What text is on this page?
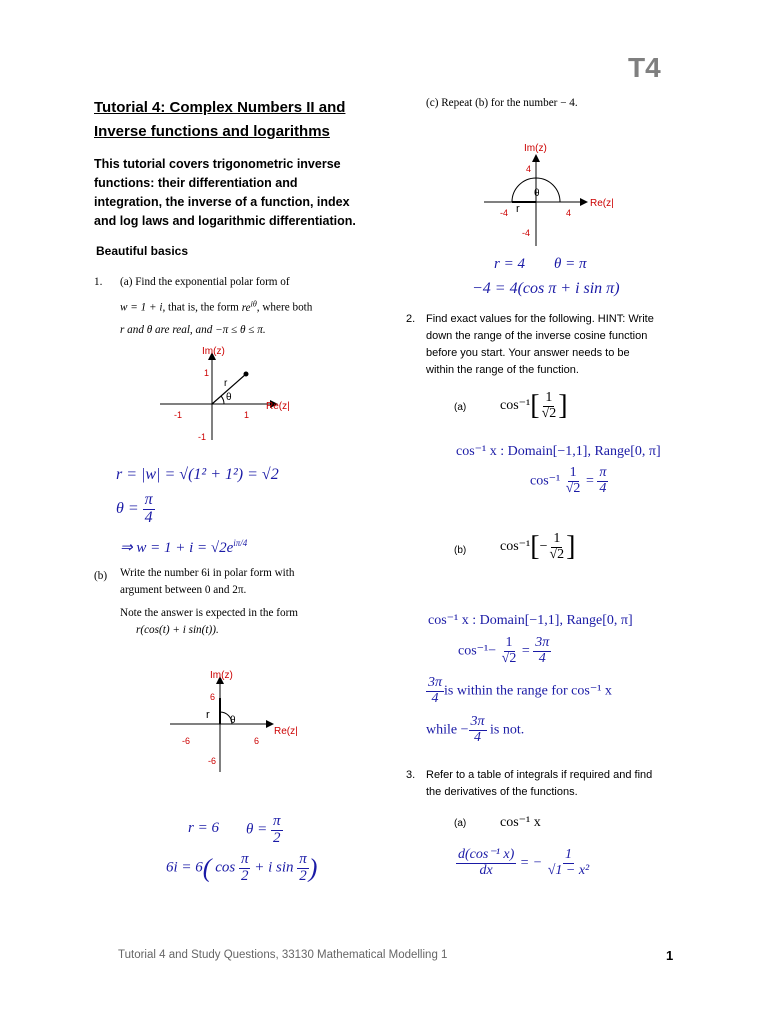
T4
Tutorial 4: Complex Numbers II and
Inverse functions and logarithms
This tutorial covers trigonometric inverse
functions: their differentiation and
integration, the inverse of a function, index
and log laws and logarithmic differentiation.
Beautiful basics
1. (a) Find the exponential polar form of
w = 1 + i, that is, the form $re^{i\theta}$, where both
r and θ are real, and −π ≤ θ ≤ π.
Im(z)
Re(z|
1
-1	1
-1
r
θ
r = |w| = √(1² + 1²) = √2
$\theta = \frac{\pi}{4}$
⇒ $w = 1 + i = √2e^{i\pi/4}$
(b) Write the number 6i in polar form with
argument between 0 and 2π.
Note the answer is expected in the form
r(cos(t) + i sin(t)).
Im(z)
Re(z|
6
-6	6
-6
r θ
r = 6 $\theta = \frac{\pi}{2}$
6i = 6( $\cos \frac{\pi}{2} + i$ $\sin \frac{\pi}{2}$ )
(c) Repeat (b) for the number − 4.
Im(z)
Re(z|
4
-4	4
-4
r
θ
r = 4 θ = π
−4 = 4(cos π + i sin π)
2. Find exact values for the following. HINT: Write
down the range of the inverse cosine function
before you start. Your answer needs to be
within the range of the function.
(a) $\cos^{-1}[ \frac{1}{√2}$ ]
cos⁻¹ x : Domain[−1,1], Range[0, π]
$\cos^{-1} \frac{1}{√2} = \frac{\pi}{4}$
(b) $\cos^{-1}[- \frac{1}{√2}$ ]
cos⁻¹ x : Domain[−1,1], Range[0, π]
$\cos^{-1}- \frac{1}{√2} = \frac{3\pi}{4}$
$\frac{3\pi}{4}$ is within the range for cos⁻¹ x
while − $\frac{3\pi}{4}$ is not.
3. Refer to a table of integrals if required and find
the derivatives of the functions.
(a) cos⁻¹ x
$\frac{\text{d(cos⁻¹ x)}}{dx}$ = − $\frac{1}{\text{√1 − x²}}$
Tutorial 4 and Study Questions, 33130 Mathematical Modelling 1	1
